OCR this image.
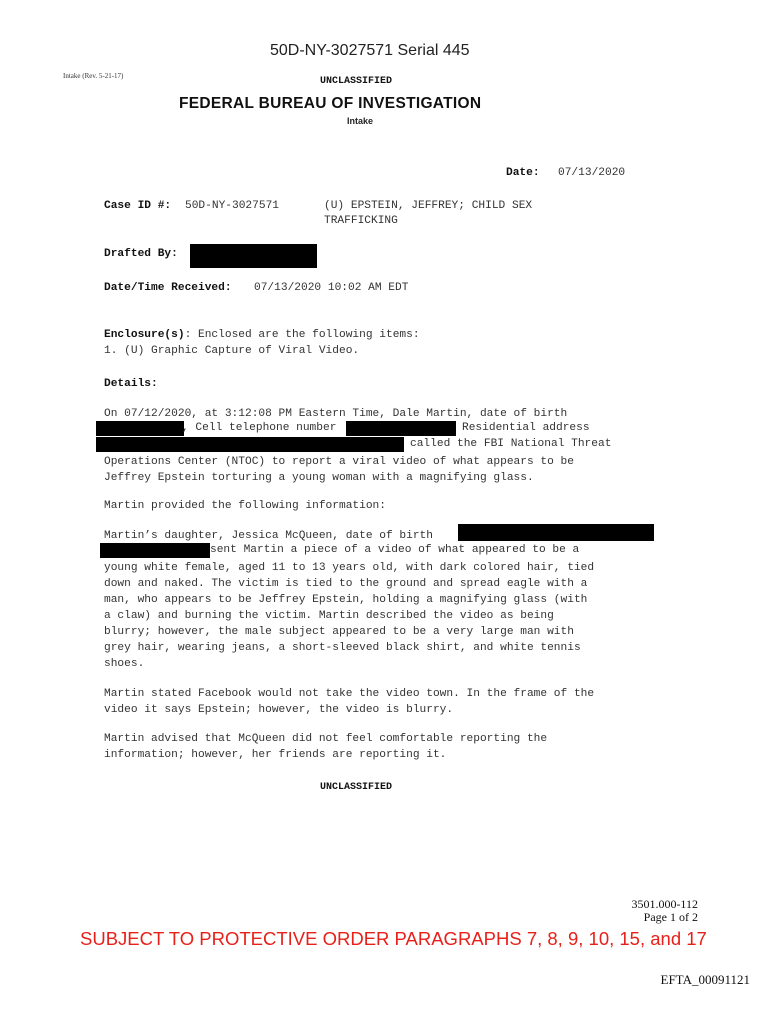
50D-NY-3027571 Serial 445
Intake (Rev. 5-21-17)	UNCLASSIFIED
FEDERAL BUREAU OF INVESTIGATION
Intake
Date: 07/13/2020
Case ID #: 50D-NY-3027571	(U) EPSTEIN, JEFFREY; CHILD SEX
TRAFFICKING
Drafted By:
Date/Time Received: 07/13/2020 10:02 AM EDT
Enclosure(s): Enclosed are the following items:
1. (U) Graphic Capture of Viral Video.
Details:
On 07/12/2020, at 3:12:08 PM Eastern Time, Dale Martin, date of birth
, Cell telephone number	Residential address
called the FBI National Threat
Operations Center (NTOC) to report a viral video of what appears to be
Jeffrey Epstein torturing a young woman with a magnifying glass.
Martin provided the following information:
Martin’s daughter, Jessica McQueen, date of birth
sent Martin a piece of a video of what appeared to be a
young white female, aged 11 to 13 years old, with dark colored hair, tied
down and naked. The victim is tied to the ground and spread eagle with a
man, who appears to be Jeffrey Epstein, holding a magnifying glass (with
a claw) and burning the victim. Martin described the video as being
blurry; however, the male subject appeared to be a very large man with
grey hair, wearing jeans, a short-sleeved black shirt, and white tennis
shoes.
Martin stated Facebook would not take the video town. In the frame of the
video it says Epstein; however, the video is blurry.
Martin advised that McQueen did not feel comfortable reporting the
information; however, her friends are reporting it.
UNCLASSIFIED
3501.000-112
Page 1 of 2
SUBJECT TO PROTECTIVE ORDER PARAGRAPHS 7, 8, 9, 10, 15, and 17
EFTA_00091121
